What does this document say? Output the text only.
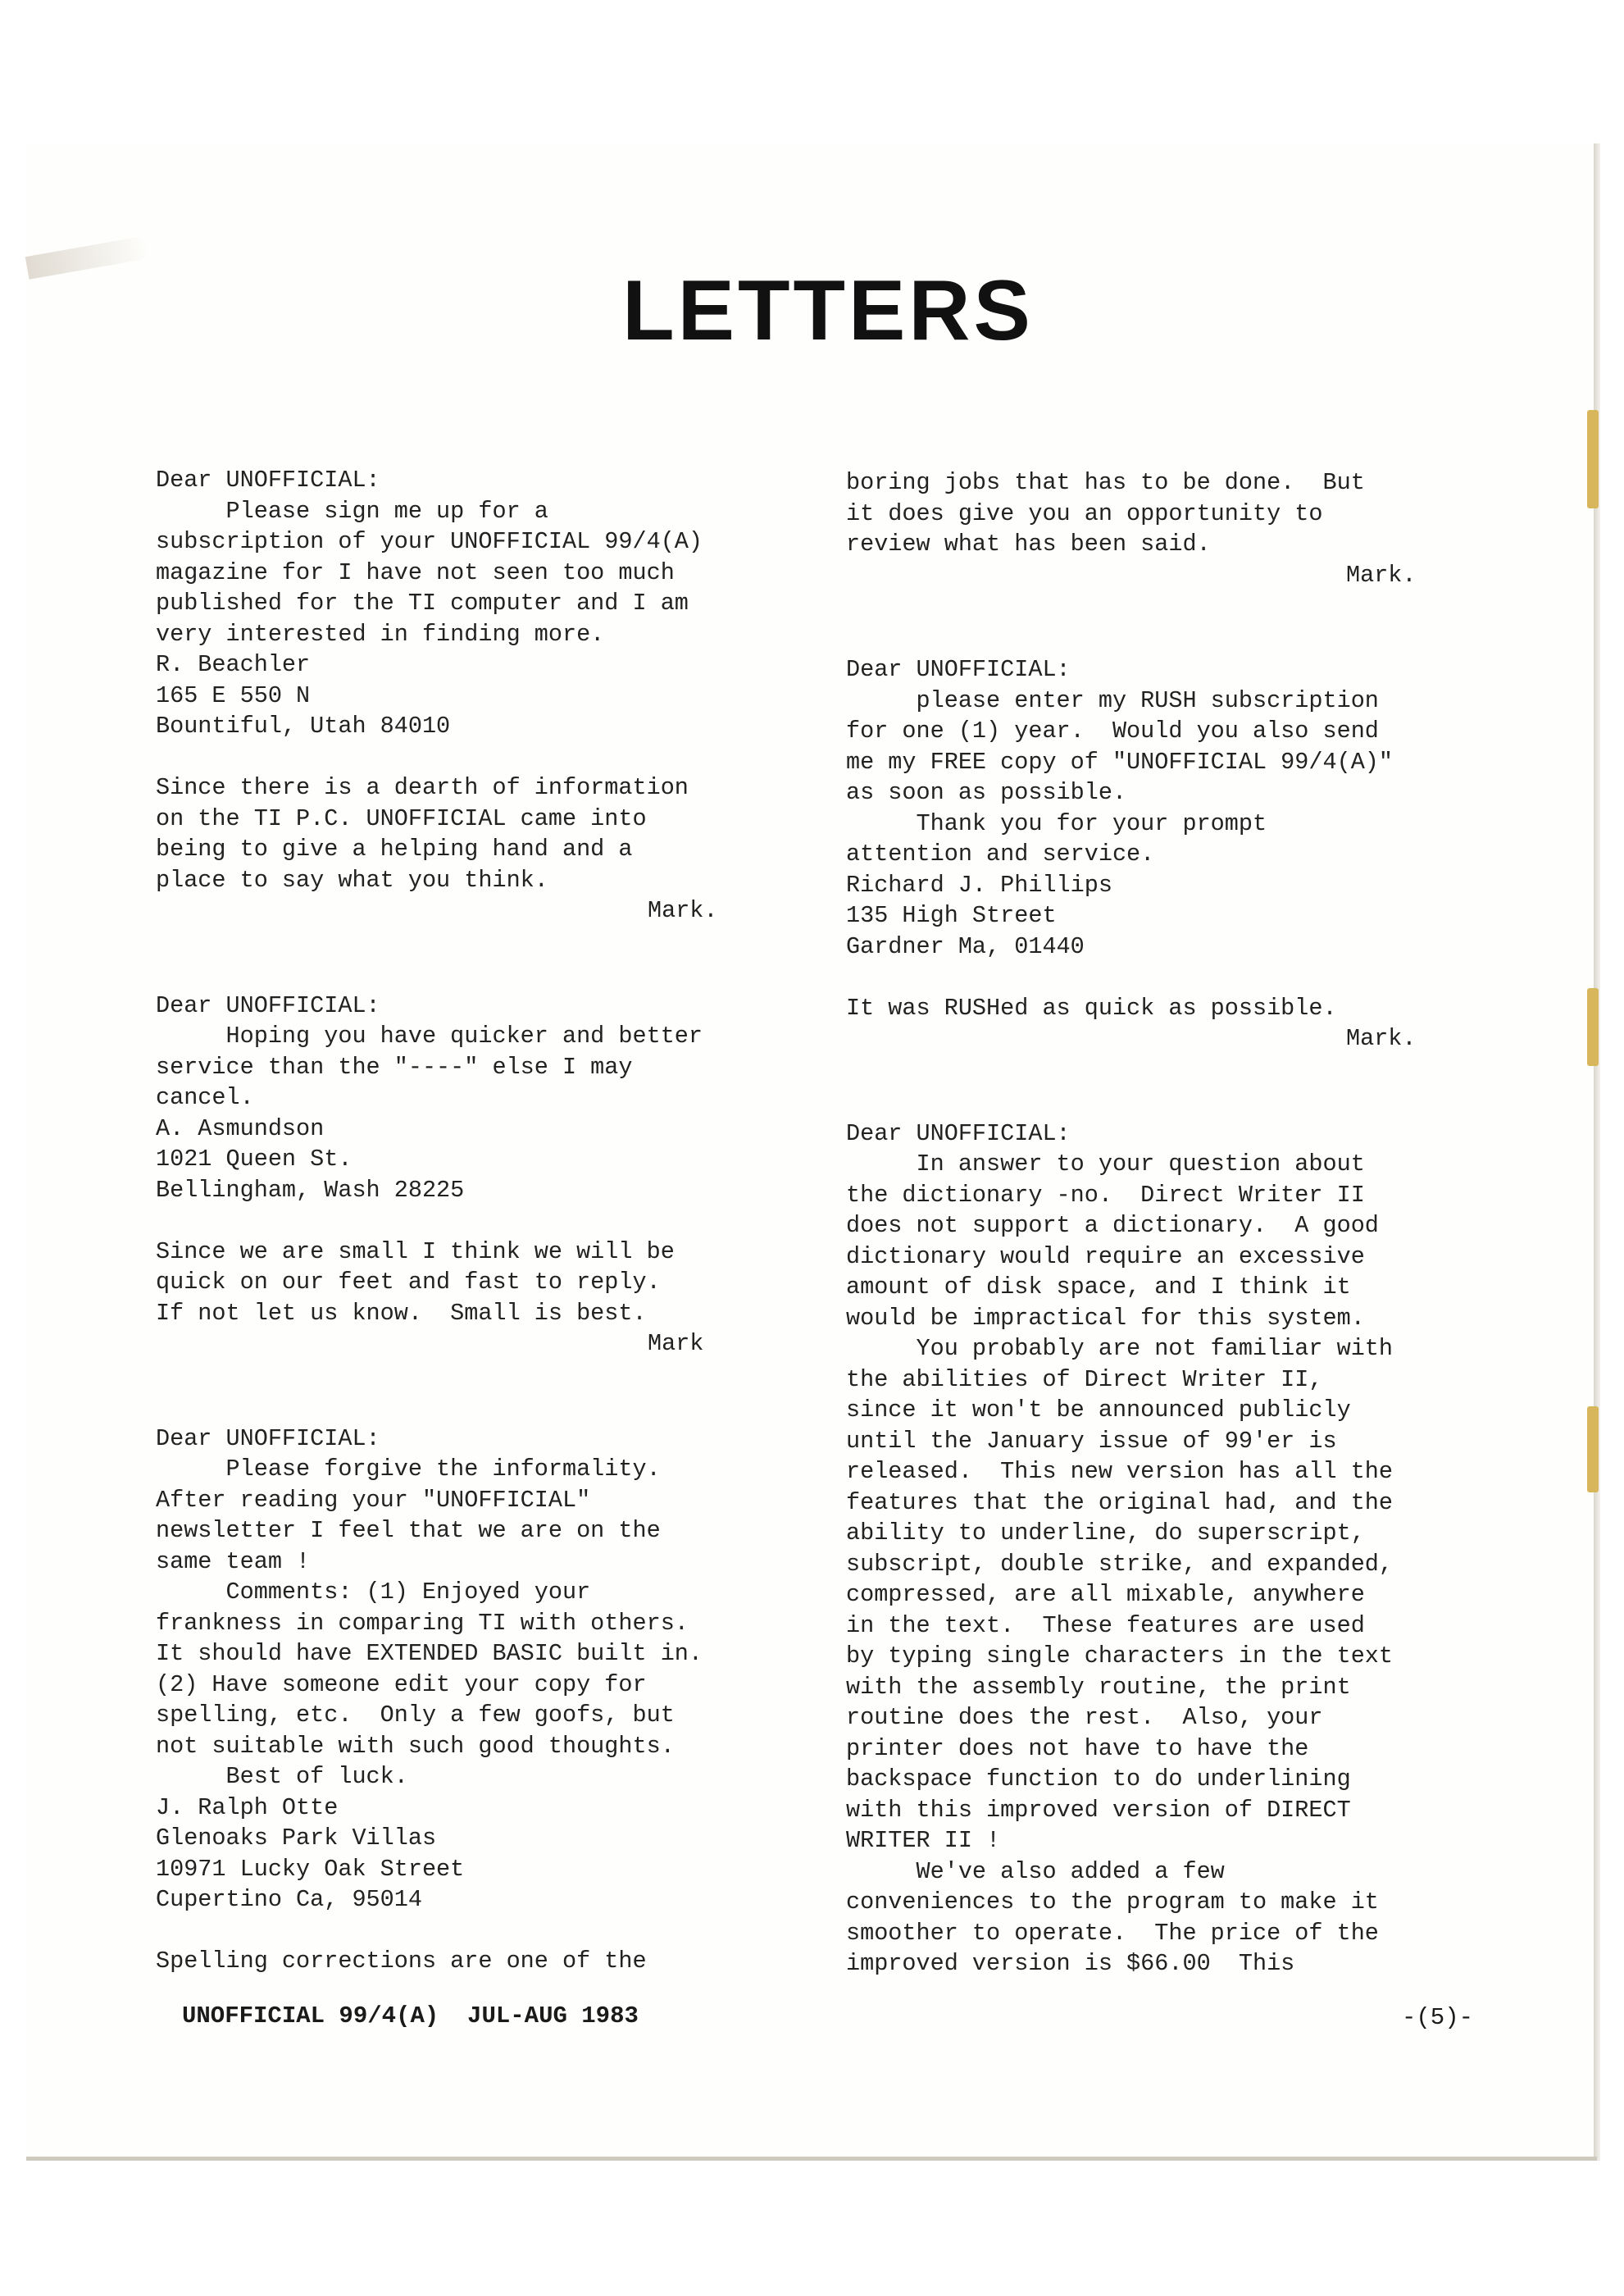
LETTERS
Dear UNOFFICIAL:
Please sign me up for a
subscription of your UNOFFICIAL 99/4(A)
magazine for I have not seen too much
published for the TI computer and I am
very interested in finding more.
R. Beachler
165 E 550 N
Bountiful, Utah 84010
Since there is a dearth of information
on the TI P.C. UNOFFICIAL came into
being to give a helping hand and a
place to say what you think.
Mark.
Dear UNOFFICIAL:
Hoping you have quicker and better
service than the "----" else I may
cancel.
A. Asmundson
1021 Queen St.
Bellingham, Wash 28225
Since we are small I think we will be
quick on our feet and fast to reply.
If not let us know.  Small is best.
Mark
Dear UNOFFICIAL:
Please forgive the informality.
After reading your "UNOFFICIAL"
newsletter I feel that we are on the
same team !
Comments: (1) Enjoyed your
frankness in comparing TI with others.
It should have EXTENDED BASIC built in.
(2) Have someone edit your copy for
spelling, etc.  Only a few goofs, but
not suitable with such good thoughts.
Best of luck.
J. Ralph Otte
Glenoaks Park Villas
10971 Lucky Oak Street
Cupertino Ca, 95014
Spelling corrections are one of the
boring jobs that has to be done.  But
it does give you an opportunity to
review what has been said.
Mark.
Dear UNOFFICIAL:
please enter my RUSH subscription
for one (1) year.  Would you also send
me my FREE copy of "UNOFFICIAL 99/4(A)"
as soon as possible.
Thank you for your prompt
attention and service.
Richard J. Phillips
135 High Street
Gardner Ma, 01440
It was RUSHed as quick as possible.
Mark.
Dear UNOFFICIAL:
In answer to your question about
the dictionary -no.  Direct Writer II
does not support a dictionary.  A good
dictionary would require an excessive
amount of disk space, and I think it
would be impractical for this system.
You probably are not familiar with
the abilities of Direct Writer II,
since it won't be announced publicly
until the January issue of 99'er is
released.  This new version has all the
features that the original had, and the
ability to underline, do superscript,
subscript, double strike, and expanded,
compressed, are all mixable, anywhere
in the text.  These features are used
by typing single characters in the text
with the assembly routine, the print
routine does the rest.  Also, your
printer does not have to have the
backspace function to do underlining
with this improved version of DIRECT
WRITER II !
We've also added a few
conveniences to the program to make it
smoother to operate.  The price of the
improved version is $66.00  This
UNOFFICIAL 99/4(A)  JUL-AUG 1983	-(5)-
